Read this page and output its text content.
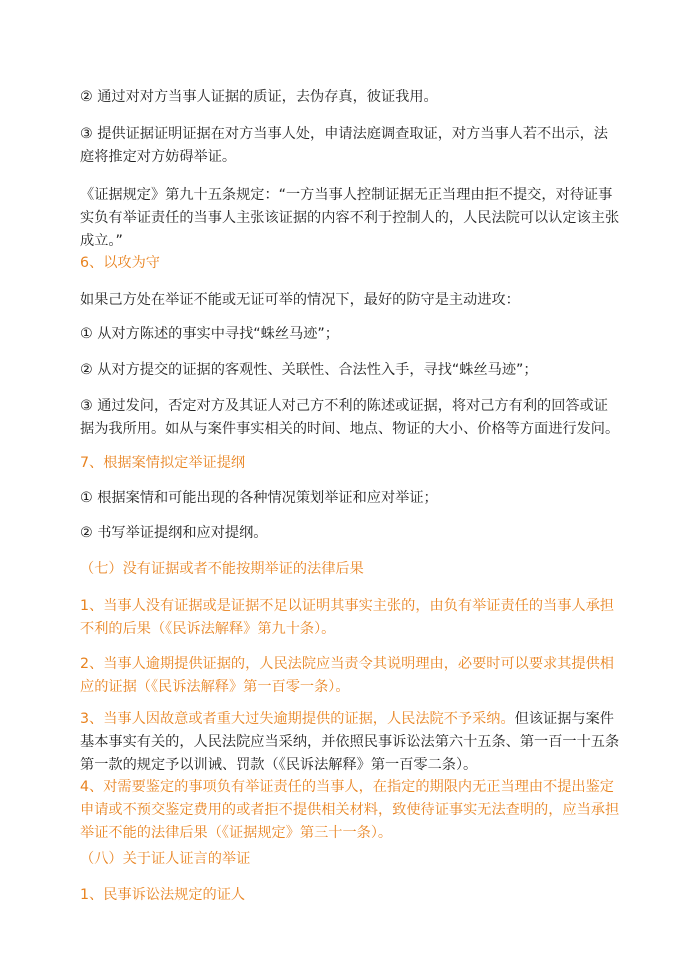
② 通过对对方当事人证据的质证，去伪存真，彼证我用。

③ 提供证据证明证据在对方当事人处，申请法庭调查取证，对方当事人若不出示，法
庭将推定对方妨碍举证。

《证据规定》第九十五条规定：“一方当事人控制证据无正当理由拒不提交，对待证事
实负有举证责任的当事人主张该证据的内容不利于控制人的，人民法院可以认定该主张
成立。”

6、以攻为守

如果己方处在举证不能或无证可举的情况下，最好的防守是主动进攻：

① 从对方陈述的事实中寻找“蛛丝马迹”；

② 从对方提交的证据的客观性、关联性、合法性入手，寻找“蛛丝马迹”；

③ 通过发问，否定对方及其证人对己方不利的陈述或证据，将对己方有利的回答或证
据为我所用。如从与案件事实相关的时间、地点、物证的大小、价格等方面进行发问。

7、根据案情拟定举证提纲

① 根据案情和可能出现的各种情况策划举证和应对举证；

② 书写举证提纲和应对提纲。

（七）没有证据或者不能按期举证的法律后果

1、当事人没有证据或是证据不足以证明其事实主张的，由负有举证责任的当事人承担
不利的后果（《民诉法解释》第九十条）。

2、当事人逾期提供证据的，人民法院应当责令其说明理由，必要时可以要求其提供相
应的证据（《民诉法解释》第一百零一条）。

3、当事人因故意或者重大过失逾期提供的证据，人民法院不予采纳。但该证据与案件
基本事实有关的，人民法院应当采纳，并依照民事诉讼法第六十五条、第一百一十五条
第一款的规定予以训诫、罚款（《民诉法解释》第一百零二条）。

4、对需要鉴定的事项负有举证责任的当事人，在指定的期限内无正当理由不提出鉴定
申请或不预交鉴定费用的或者拒不提供相关材料，致使待证事实无法查明的，应当承担
举证不能的法律后果（《证据规定》第三十一条）。

（八）关于证人证言的举证

1、民事诉讼法规定的证人
